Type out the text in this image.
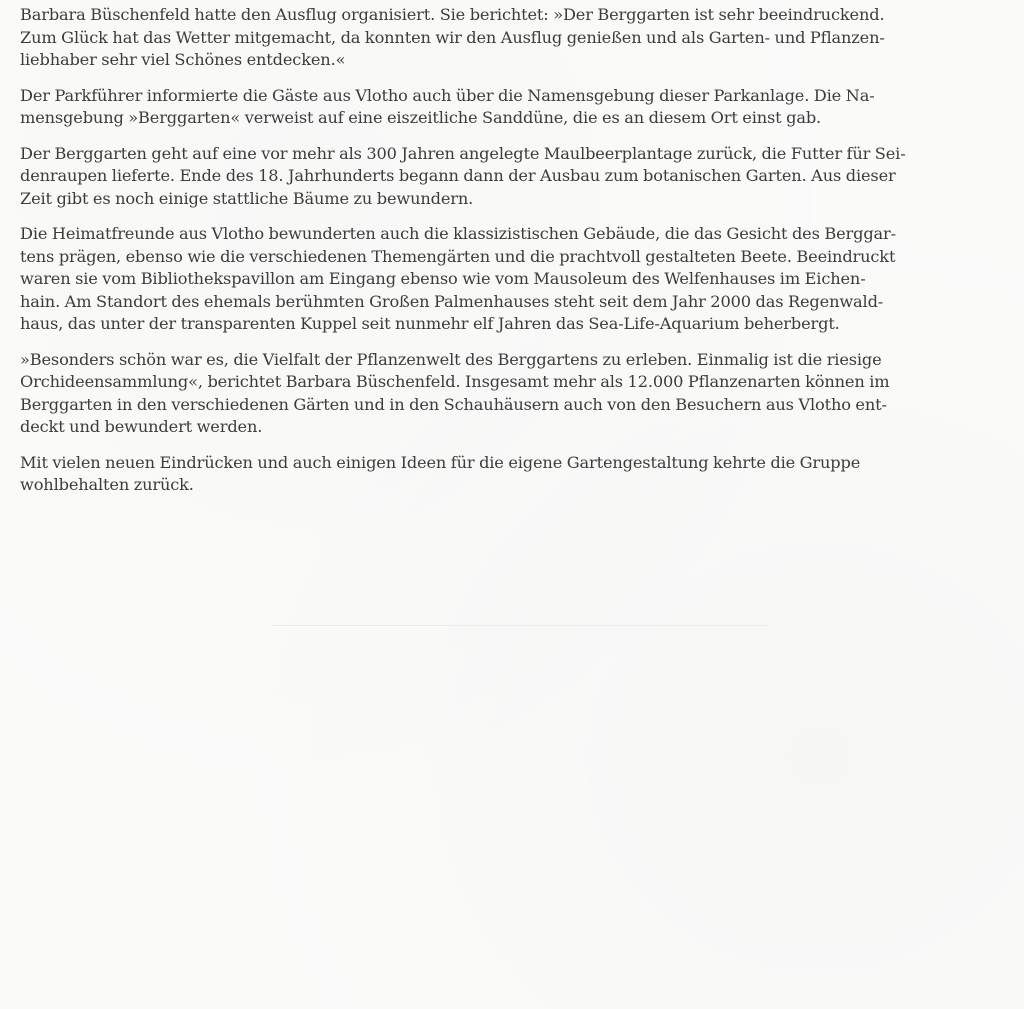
Barbara Büschenfeld hatte den Ausflug organisiert. Sie berichtet: »Der Berggarten ist sehr beeindruckend.
Zum Glück hat das Wetter mitgemacht, da konnten wir den Ausflug genießen und als Garten- und Pflanzen-
liebhaber sehr viel Schönes entdecken.«

Der Parkführer informierte die Gäste aus Vlotho auch über die Namensgebung dieser Parkanlage. Die Na-
mensgebung »Berggarten« verweist auf eine eiszeitliche Sanddüne, die es an diesem Ort einst gab.

Der Berggarten geht auf eine vor mehr als 300 Jahren angelegte Maulbeerplantage zurück, die Futter für Sei-
denraupen lieferte. Ende des 18. Jahrhunderts begann dann der Ausbau zum botanischen Garten. Aus dieser
Zeit gibt es noch einige stattliche Bäume zu bewundern.

Die Heimatfreunde aus Vlotho bewunderten auch die klassizistischen Gebäude, die das Gesicht des Berggar-
tens prägen, ebenso wie die verschiedenen Themengärten und die prachtvoll gestalteten Beete. Beeindruckt
waren sie vom Bibliothekspavillon am Eingang ebenso wie vom Mausoleum des Welfenhauses im Eichen-
hain. Am Standort des ehemals berühmten Großen Palmenhauses steht seit dem Jahr 2000 das Regenwald-
haus, das unter der transparenten Kuppel seit nunmehr elf Jahren das Sea-Life-Aquarium beherbergt.

»Besonders schön war es, die Vielfalt der Pflanzenwelt des Berggartens zu erleben. Einmalig ist die riesige
Orchideensammlung«, berichtet Barbara Büschenfeld. Insgesamt mehr als 12.000 Pflanzenarten können im
Berggarten in den verschiedenen Gärten und in den Schauhäusern auch von den Besuchern aus Vlotho ent-
deckt und bewundert werden.

Mit vielen neuen Eindrücken und auch einigen Ideen für die eigene Gartengestaltung kehrte die Gruppe
wohlbehalten zurück.
